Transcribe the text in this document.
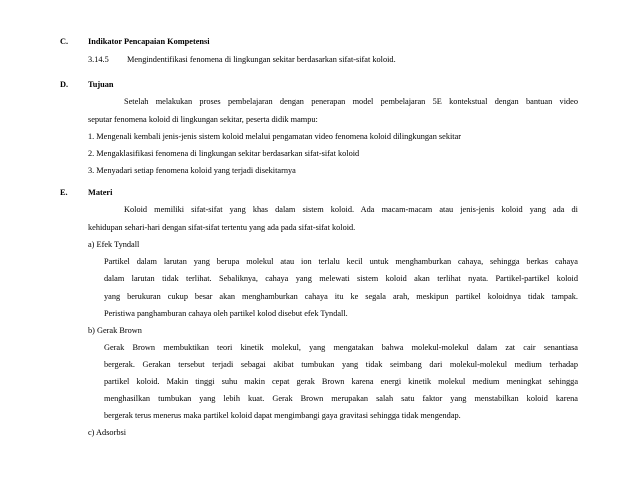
C. Indikator Pencapaian Kompetensi
3.14.5 Mengindentifikasi fenomena di lingkungan sekitar berdasarkan sifat-sifat koloid.
D. Tujuan
Setelah melakukan proses pembelajaran dengan penerapan model pembelajaran 5E kontekstual dengan bantuan video
seputar fenomena koloid di lingkungan sekitar, peserta didik mampu:
1. Mengenali kembali jenis-jenis sistem koloid melalui pengamatan video fenomena koloid dilingkungan sekitar
2. Mengaklasifikasi fenomena di lingkungan sekitar berdasarkan sifat-sifat koloid
3. Menyadari setiap fenomena koloid yang terjadi disekitarnya
E. Materi
Koloid memiliki sifat-sifat yang khas dalam sistem koloid. Ada macam-macam atau jenis-jenis koloid yang ada di
kehidupan sehari-hari dengan sifat-sifat tertentu yang ada pada sifat-sifat koloid.
a) Efek Tyndall
Partikel dalam larutan yang berupa molekul atau ion terlalu kecil untuk menghamburkan cahaya, sehingga berkas cahaya
dalam larutan tidak terlihat. Sebaliknya, cahaya yang melewati sistem koloid akan terlihat nyata. Partikel-partikel koloid
yang berukuran cukup besar akan menghamburkan cahaya itu ke segala arah, meskipun partikel koloidnya tidak tampak.
Peristiwa panghamburan cahaya oleh partikel kolod disebut efek Tyndall.
b) Gerak Brown
Gerak Brown membuktikan teori kinetik molekul, yang mengatakan bahwa molekul-molekul dalam zat cair senantiasa
bergerak. Gerakan tersebut terjadi sebagai akibat tumbukan yang tidak seimbang dari molekul-molekul medium terhadap
partikel koloid. Makin tinggi suhu makin cepat gerak Brown karena energi kinetik molekul medium meningkat sehingga
menghasilkan tumbukan yang lebih kuat. Gerak Brown merupakan salah satu faktor yang menstabilkan koloid karena
bergerak terus menerus maka partikel koloid dapat mengimbangi gaya gravitasi sehingga tidak mengendap.
c) Adsorbsi
